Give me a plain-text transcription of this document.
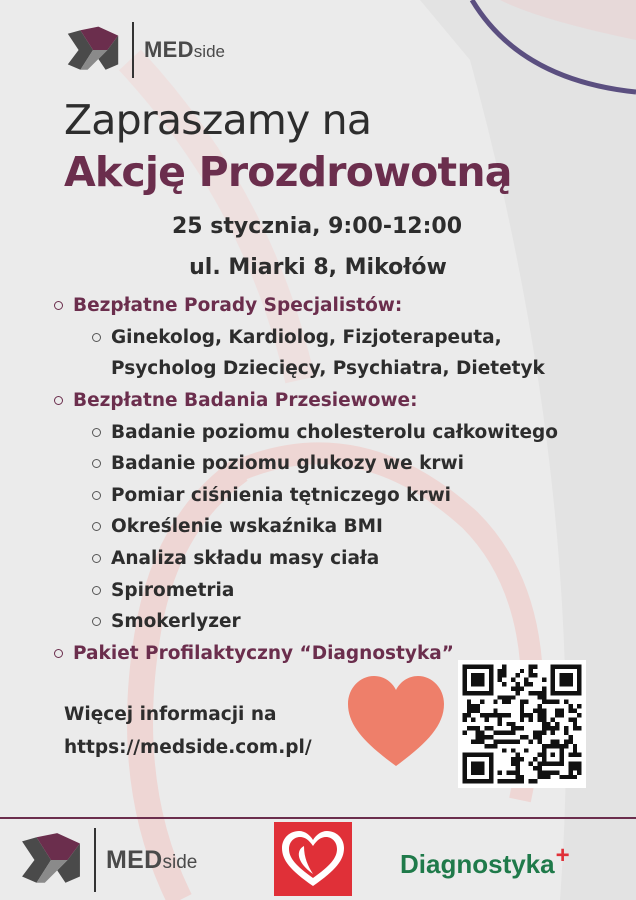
MEDside
Zapraszamy na
Akcję Prozdrowotną
25 stycznia, 9:00-12:00
ul. Miarki 8, Mikołów
Bezpłatne Porady Specjalistów:
Ginekolog, Kardiolog, Fizjoterapeuta,
Psycholog Dziecięcy, Psychiatra, Dietetyk
Bezpłatne Badania Przesiewowe:
Badanie poziomu cholesterolu całkowitego
Badanie poziomu glukozy we krwi
Pomiar ciśnienia tętniczego krwi
Określenie wskaźnika BMI
Analiza składu masy ciała
Spirometria
Smokerlyzer
Pakiet Profilaktyczny “Diagnostyka”
Więcej informacji na
https://medside.com.pl/
MEDside	Diagnostyka+
